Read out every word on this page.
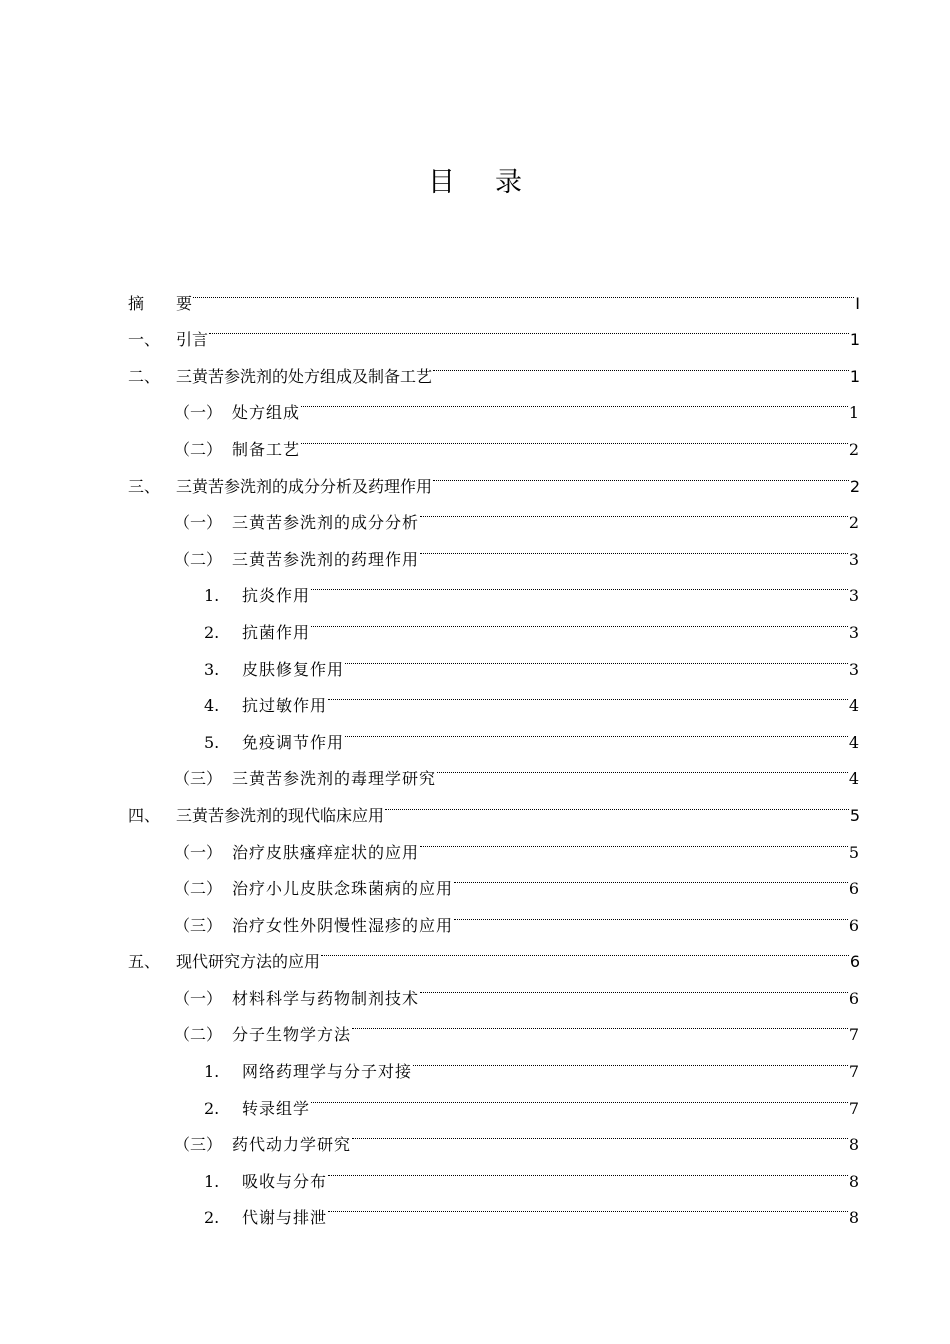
目录
摘	要	I
一、 引言	1
二、 三黄苦参洗剂的处方组成及制备工艺	1
（一） 处方组成	1
（二） 制备工艺	2
三、 三黄苦参洗剂的成分分析及药理作用	2
（一） 三黄苦参洗剂的成分分析	2
（二） 三黄苦参洗剂的药理作用	3
1.	抗炎作用	3
2.	抗菌作用	3
3.	皮肤修复作用	3
4.	抗过敏作用	4
5.	免疫调节作用	4
（三） 三黄苦参洗剂的毒理学研究	4
四、 三黄苦参洗剂的现代临床应用	5
（一） 治疗皮肤瘙痒症状的应用	5
（二） 治疗小儿皮肤念珠菌病的应用	6
（三） 治疗女性外阴慢性湿疹的应用	6
五、 现代研究方法的应用	6
（一） 材料科学与药物制剂技术	6
（二） 分子生物学方法	7
1.	网络药理学与分子对接	7
2.	转录组学	7
（三） 药代动力学研究	8
1.	吸收与分布	8
2.	代谢与排泄	8
